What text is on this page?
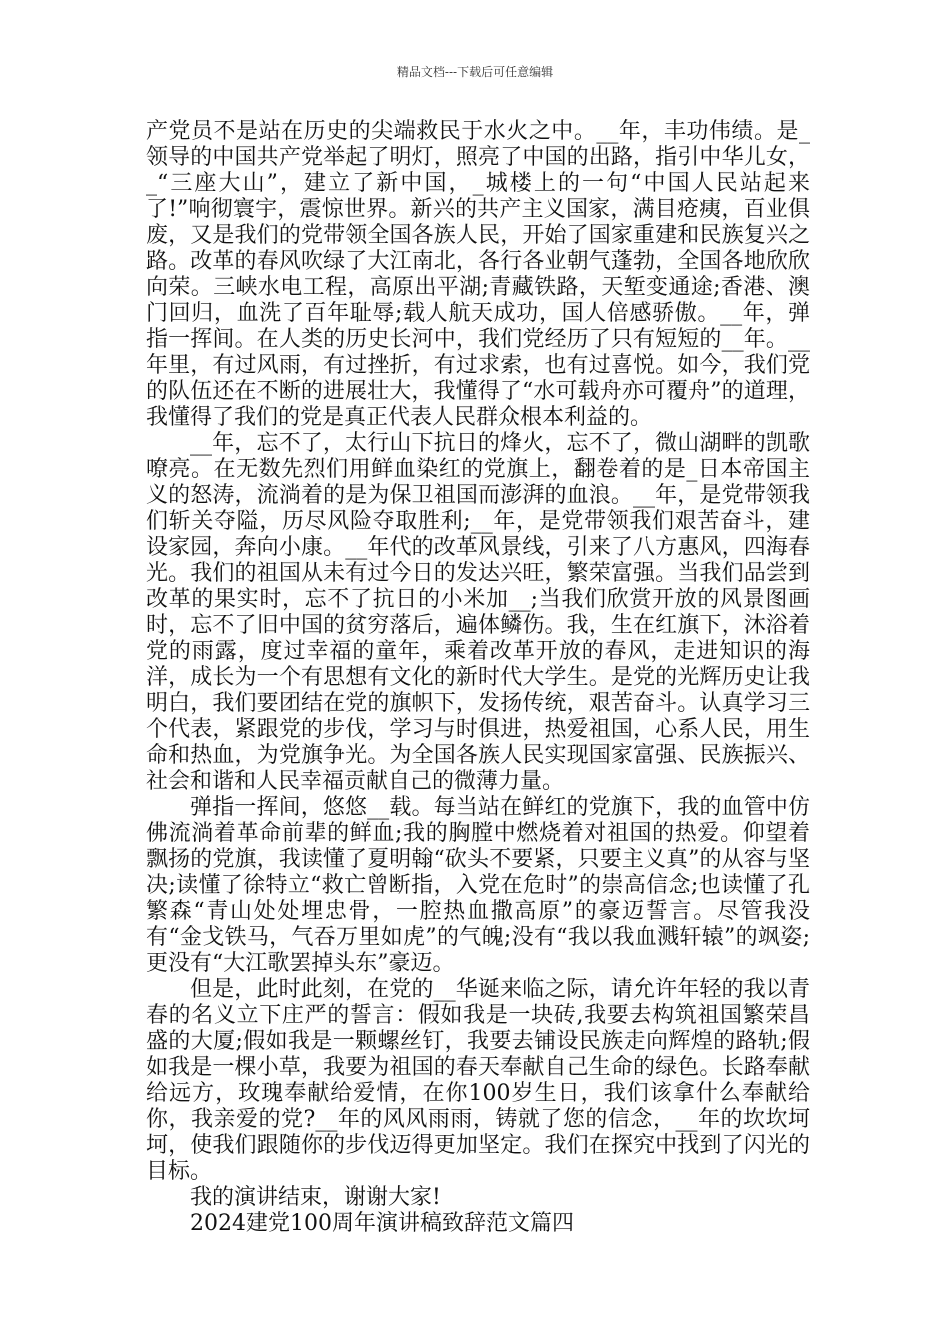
精品文档---下载后可任意编辑

产党员不是站在历史的尖端救民于水火之中。__年，丰功伟绩。是_领导的中国共产党举起了明灯，照亮了中国的出路，指引中华儿女，_“三座大山”，建立了新中国，_城楼上的一句“中国人民站起来了!”响彻寰宇，震惊世界。新兴的共产主义国家，满目疮痍，百业俱废，又是我们的党带领全国各族人民，开始了国家重建和民族复兴之路。改革的春风吹绿了大江南北，各行各业朝气蓬勃，全国各地欣欣向荣。三峡水电工程，高原出平湖;青藏铁路，天堑变通途;香港、澳门回归，血洗了百年耻辱;载人航天成功，国人倍感骄傲。__年，弹指一挥间。在人类的历史长河中，我们党经历了只有短短的__年。__年里，有过风雨，有过挫折，有过求索，也有过喜悦。如今，我们党的队伍还在不断的进展壮大，我懂得了“水可载舟亦可覆舟”的道理，我懂得了我们的党是真正代表人民群众根本利益的。

__年，忘不了，太行山下抗日的烽火，忘不了，微山湖畔的凯歌嘹亮。在无数先烈们用鲜血染红的党旗上，翻卷着的是_日本帝国主义的怒涛，流淌着的是为保卫祖国而澎湃的血浪。__年，是党带领我们斩关夺隘，历尽风险夺取胜利;__年，是党带领我们艰苦奋斗，建设家园，奔向小康。__年代的改革风景线，引来了八方惠风，四海春光。我们的祖国从未有过今日的发达兴旺，繁荣富强。当我们品尝到改革的果实时，忘不了抗日的小米加__;当我们欣赏开放的风景图画时，忘不了旧中国的贫穷落后，遍体鳞伤。我，生在红旗下，沐浴着党的雨露，度过幸福的童年，乘着改革开放的春风，走进知识的海洋，成长为一个有思想有文化的新时代大学生。是党的光辉历史让我明白，我们要团结在党的旗帜下，发扬传统，艰苦奋斗。认真学习三个代表，紧跟党的步伐，学习与时俱进，热爱祖国，心系人民，用生命和热血，为党旗争光。为全国各族人民实现国家富强、民族振兴、社会和谐和人民幸福贡献自己的微薄力量。

弹指一挥间，悠悠__载。每当站在鲜红的党旗下，我的血管中仿佛流淌着革命前辈的鲜血;我的胸膛中燃烧着对祖国的热爱。仰望着飘扬的党旗，我读懂了夏明翰“砍头不要紧，只要主义真”的从容与坚决;读懂了徐特立“救亡曾断指，入党在危时”的崇高信念;也读懂了孔繁森“青山处处埋忠骨，一腔热血撒高原”的豪迈誓言。尽管我没有“金戈铁马，气吞万里如虎”的气魄;没有“我以我血溅轩辕”的飒姿;更没有“大江歌罢掉头东”豪迈。

但是，此时此刻，在党的__华诞来临之际，请允许年轻的我以青春的名义立下庄严的誓言：假如我是一块砖,我要去构筑祖国繁荣昌盛的大厦;假如我是一颗螺丝钉，我要去铺设民族走向辉煌的路轨;假如我是一棵小草，我要为祖国的春天奉献自己生命的绿色。长路奉献给远方，玫瑰奉献给爱情，在你100岁生日，我们该拿什么奉献给你，我亲爱的党?__年的风风雨雨，铸就了您的信念，__年的坎坎坷坷，使我们跟随你的步伐迈得更加坚定。我们在探究中找到了闪光的目标。

我的演讲结束，谢谢大家!

2024建党100周年演讲稿致辞范文篇四
